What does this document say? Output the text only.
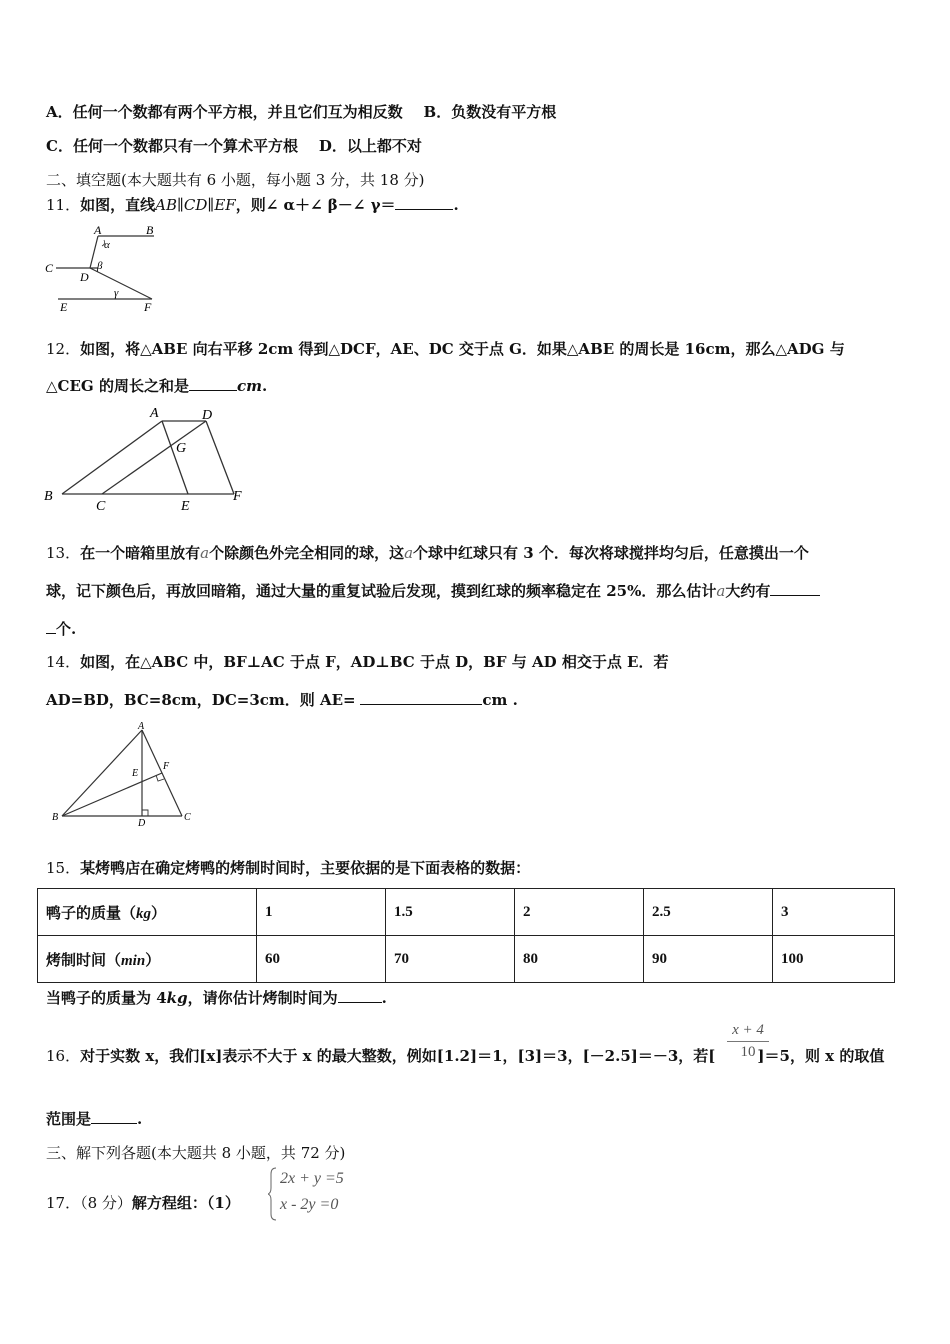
A．任何一个数都有两个平方根，并且它们互为相反数 B．负数没有平方根
C．任何一个数都只有一个算术平方根 D．以上都不对
二、填空题(本大题共有 6 小题，每小题 3 分，共 18 分)
11．如图，直线AB∥CD∥EF，则∠ α＋∠ β－∠ γ＝	.
A	B
C
D
E	F
α
β
γ
12．如图，将△ABE 向右平移 2cm 得到△DCF，AE、DC 交于点 G．如果△ABE 的周长是 16cm，那么△ADG 与
△CEG 的周长之和是	cm.
A	D
G
B
C	E
F
13．在一个暗箱里放有a个除颜色外完全相同的球，这a个球中红球只有 3 个．每次将球搅拌均匀后，任意摸出一个
球，记下颜色后，再放回暗箱，通过大量的重复试验后发现，摸到红球的频率稳定在 25%．那么估计a大约有
个.
14．如图，在△ABC 中，BF⊥AC 于点 F，AD⊥BC 于点 D，BF 与 AD 相交于点 E．若
AD=BD，BC=8cm，DC=3cm．则 AE=	cm .
A
E
F
B
D
C
15．某烤鸭店在确定烤鸭的烤制时间时，主要依据的是下面表格的数据：
鸭子的质量（kg）	1	1.5	2	2.5	3
烤制时间（min）	60	70	80	90	100
当鸭子的质量为 4kg，请你估计烤制时间为	.
x + 4
10
16．对于实数 x，我们[x]表示不大于 x 的最大整数，例如[1.2]＝1，[3]＝3，[－2.5]＝－3，若[	]＝5，则 x 的取值
范围是	.
三、解下列各题(本大题共 8 小题，共 72 分)
17．（8 分）解方程组：（1）
2x + y =5
x - 2y =0
